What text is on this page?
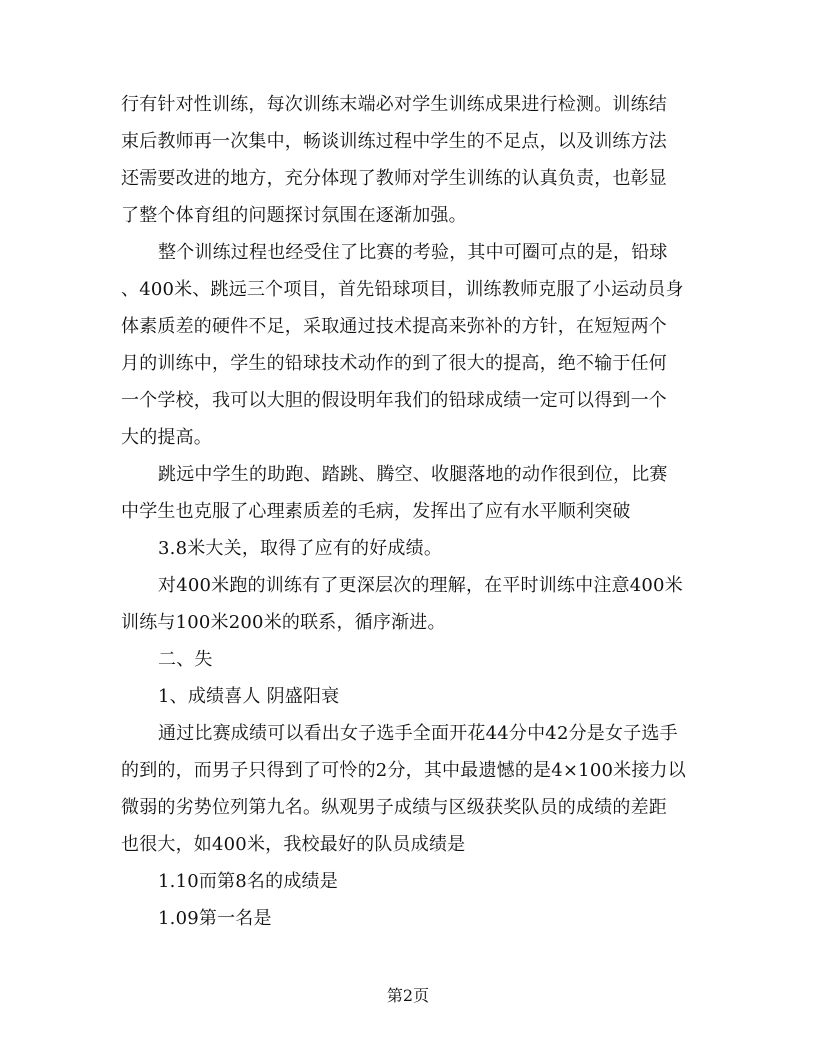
行有针对性训练，每次训练末端必对学生训练成果进行检测。训练结
束后教师再一次集中，畅谈训练过程中学生的不足点，以及训练方法
还需要改进的地方，充分体现了教师对学生训练的认真负责，也彰显
了整个体育组的问题探讨氛围在逐渐加强。
整个训练过程也经受住了比赛的考验，其中可圈可点的是，铅球
、400米、跳远三个项目，首先铅球项目，训练教师克服了小运动员身
体素质差的硬件不足，采取通过技术提高来弥补的方针，在短短两个
月的训练中，学生的铅球技术动作的到了很大的提高，绝不输于任何
一个学校，我可以大胆的假设明年我们的铅球成绩一定可以得到一个
大的提高。
跳远中学生的助跑、踏跳、腾空、收腿落地的动作很到位，比赛
中学生也克服了心理素质差的毛病，发挥出了应有水平顺利突破
3.8米大关，取得了应有的好成绩。
对400米跑的训练有了更深层次的理解，在平时训练中注意400米
训练与100米200米的联系，循序渐进。
二、失
1、成绩喜人 阴盛阳衰
通过比赛成绩可以看出女子选手全面开花44分中42分是女子选手
的到的，而男子只得到了可怜的2分，其中最遗憾的是4×100米接力以
微弱的劣势位列第九名。纵观男子成绩与区级获奖队员的成绩的差距
也很大，如400米，我校最好的队员成绩是
1.10而第8名的成绩是
1.09第一名是
第2页
